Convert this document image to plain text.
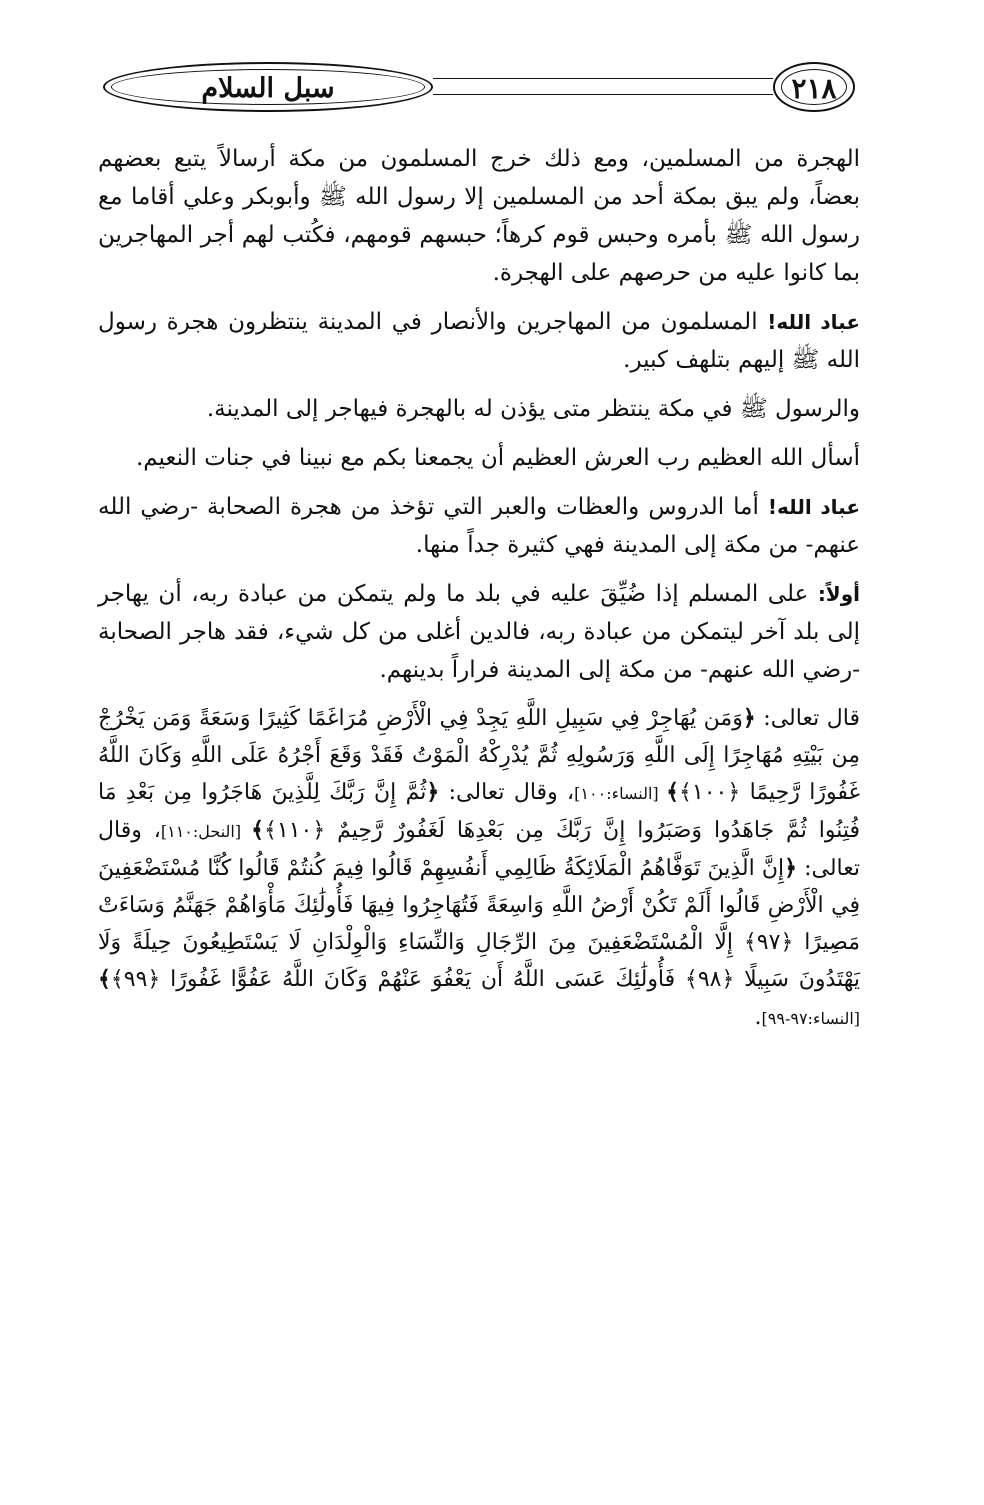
سبل السلام	٢١٨

الهجرة من المسلمين، ومع ذلك خرج المسلمون من مكة أرسالاً يتبع بعضهم بعضاً، ولم يبق بمكة أحد من المسلمين إلا رسول الله ﷺ وأبوبكر وعلي أقاما مع رسول الله ﷺ بأمره وحبس قوم كرهاً؛ حبسهم قومهم، فكُتب لهم أجر المهاجرين بما كانوا عليه من حرصهم على الهجرة.

عباد الله! المسلمون من المهاجرين والأنصار في المدينة ينتظرون هجرة رسول الله ﷺ إليهم بتلهف كبير.

والرسول ﷺ في مكة ينتظر متى يؤذن له بالهجرة فيهاجر إلى المدينة.

أسأل الله العظيم رب العرش العظيم أن يجمعنا بكم مع نبينا في جنات النعيم.

عباد الله! أما الدروس والعظات والعبر التي تؤخذ من هجرة الصحابة -رضي الله عنهم- من مكة إلى المدينة فهي كثيرة جداً منها.

أولاً: على المسلم إذا ضُيِّقَ عليه في بلد ما ولم يتمكن من عبادة ربه، أن يهاجر إلى بلد آخر ليتمكن من عبادة ربه، فالدين أغلى من كل شيء، فقد هاجر الصحابة -رضي الله عنهم- من مكة إلى المدينة فراراً بدينهم.

قال تعالى: ﴿وَمَن يُهَاجِرْ فِي سَبِيلِ اللَّهِ يَجِدْ فِي الْأَرْضِ مُرَاغَمًا كَثِيرًا وَسَعَةً وَمَن يَخْرُجْ مِن بَيْتِهِ مُهَاجِرًا إِلَى اللَّهِ وَرَسُولِهِ ثُمَّ يُدْرِكْهُ الْمَوْتُ فَقَدْ وَقَعَ أَجْرُهُ عَلَى اللَّهِ وَكَانَ اللَّهُ غَفُورًا رَّحِيمًا ﴿١٠٠﴾﴾ [النساء:١٠٠]، وقال تعالى: ﴿ثُمَّ إِنَّ رَبَّكَ لِلَّذِينَ هَاجَرُوا مِن بَعْدِ مَا فُتِنُوا ثُمَّ جَاهَدُوا وَصَبَرُوا إِنَّ رَبَّكَ مِن بَعْدِهَا لَغَفُورٌ رَّحِيمٌ ﴿١١٠﴾﴾ [النحل:١١٠]، وقال تعالى: ﴿إِنَّ الَّذِينَ تَوَفَّاهُمُ الْمَلَائِكَةُ ظَالِمِي أَنفُسِهِمْ قَالُوا فِيمَ كُنتُمْ قَالُوا كُنَّا مُسْتَضْعَفِينَ فِي الْأَرْضِ قَالُوا أَلَمْ تَكُنْ أَرْضُ اللَّهِ وَاسِعَةً فَتُهَاجِرُوا فِيهَا فَأُولَٰئِكَ مَأْوَاهُمْ جَهَنَّمُ وَسَاءَتْ مَصِيرًا ﴿٩٧﴾ إِلَّا الْمُسْتَضْعَفِينَ مِنَ الرِّجَالِ وَالنِّسَاءِ وَالْوِلْدَانِ لَا يَسْتَطِيعُونَ حِيلَةً وَلَا يَهْتَدُونَ سَبِيلًا ﴿٩٨﴾ فَأُولَٰئِكَ عَسَى اللَّهُ أَن يَعْفُوَ عَنْهُمْ وَكَانَ اللَّهُ عَفُوًّا غَفُورًا ﴿٩٩﴾﴾ [النساء:٩٧-٩٩].
